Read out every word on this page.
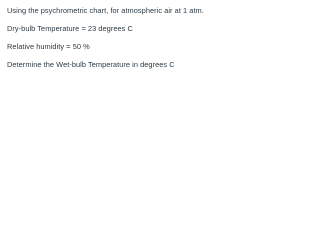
Using the psychrometric chart, for atmospheric air at 1 atm.

Dry-bulb Temperature = 23 degrees C

Relative humidity = 50 %

Determine the Wet-bulb Temperature in degrees C
